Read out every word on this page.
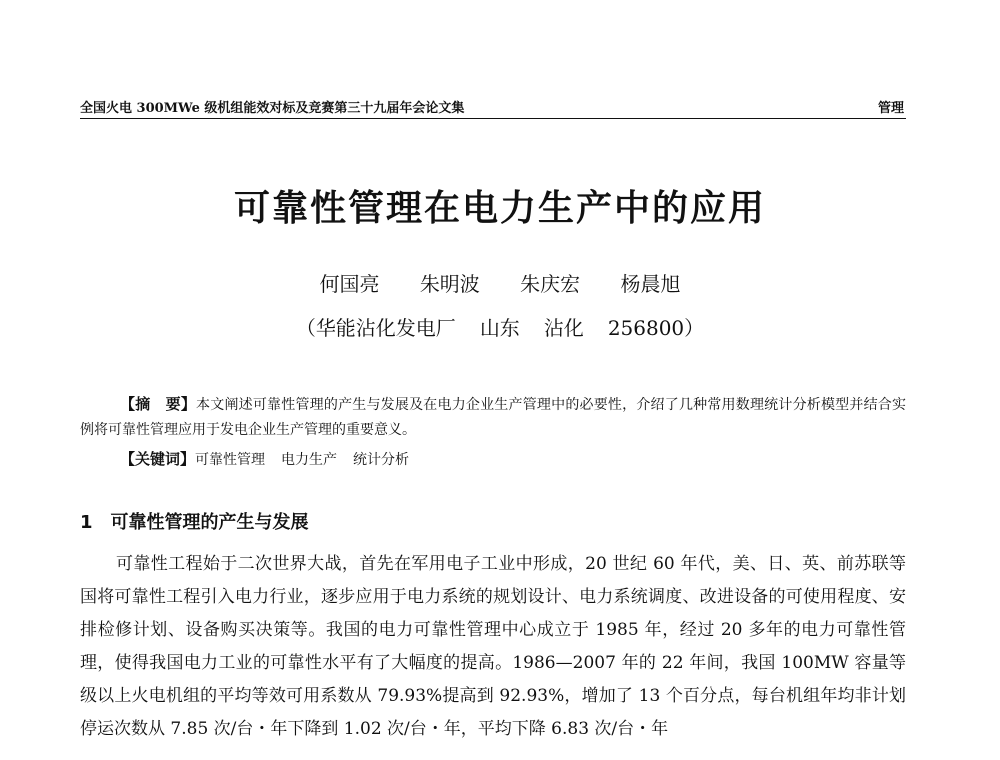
全国火电 300MWe 级机组能效对标及竞赛第三十九届年会论文集	管理
可靠性管理在电力生产中的应用
何国亮 朱明波 朱庆宏 杨晨旭
（华能沾化发电厂 山东 沾化 256800）
【摘　要】本文阐述可靠性管理的产生与发展及在电力企业生产管理中的必要性，介绍了几种常用数理统计分析模型并结合实例将可靠性管理应用于发电企业生产管理的重要意义。
【关键词】可靠性管理 电力生产 统计分析
1 可靠性管理的产生与发展
可靠性工程始于二次世界大战，首先在军用电子工业中形成，20 世纪 60 年代，美、日、英、前苏联等国将可靠性工程引入电力行业，逐步应用于电力系统的规划设计、电力系统调度、改进设备的可使用程度、安排检修计划、设备购买决策等。我国的电力可靠性管理中心成立于 1985 年，经过 20 多年的电力可靠性管理，使得我国电力工业的可靠性水平有了大幅度的提高。1986—2007 年的 22 年间，我国 100MW 容量等级以上火电机组的平均等效可用系数从 79.93%提高到 92.93%，增加了 13 个百分点，每台机组年均非计划停运次数从 7.85 次/台・年下降到 1.02 次/台・年，平均下降 6.83 次/台・年
